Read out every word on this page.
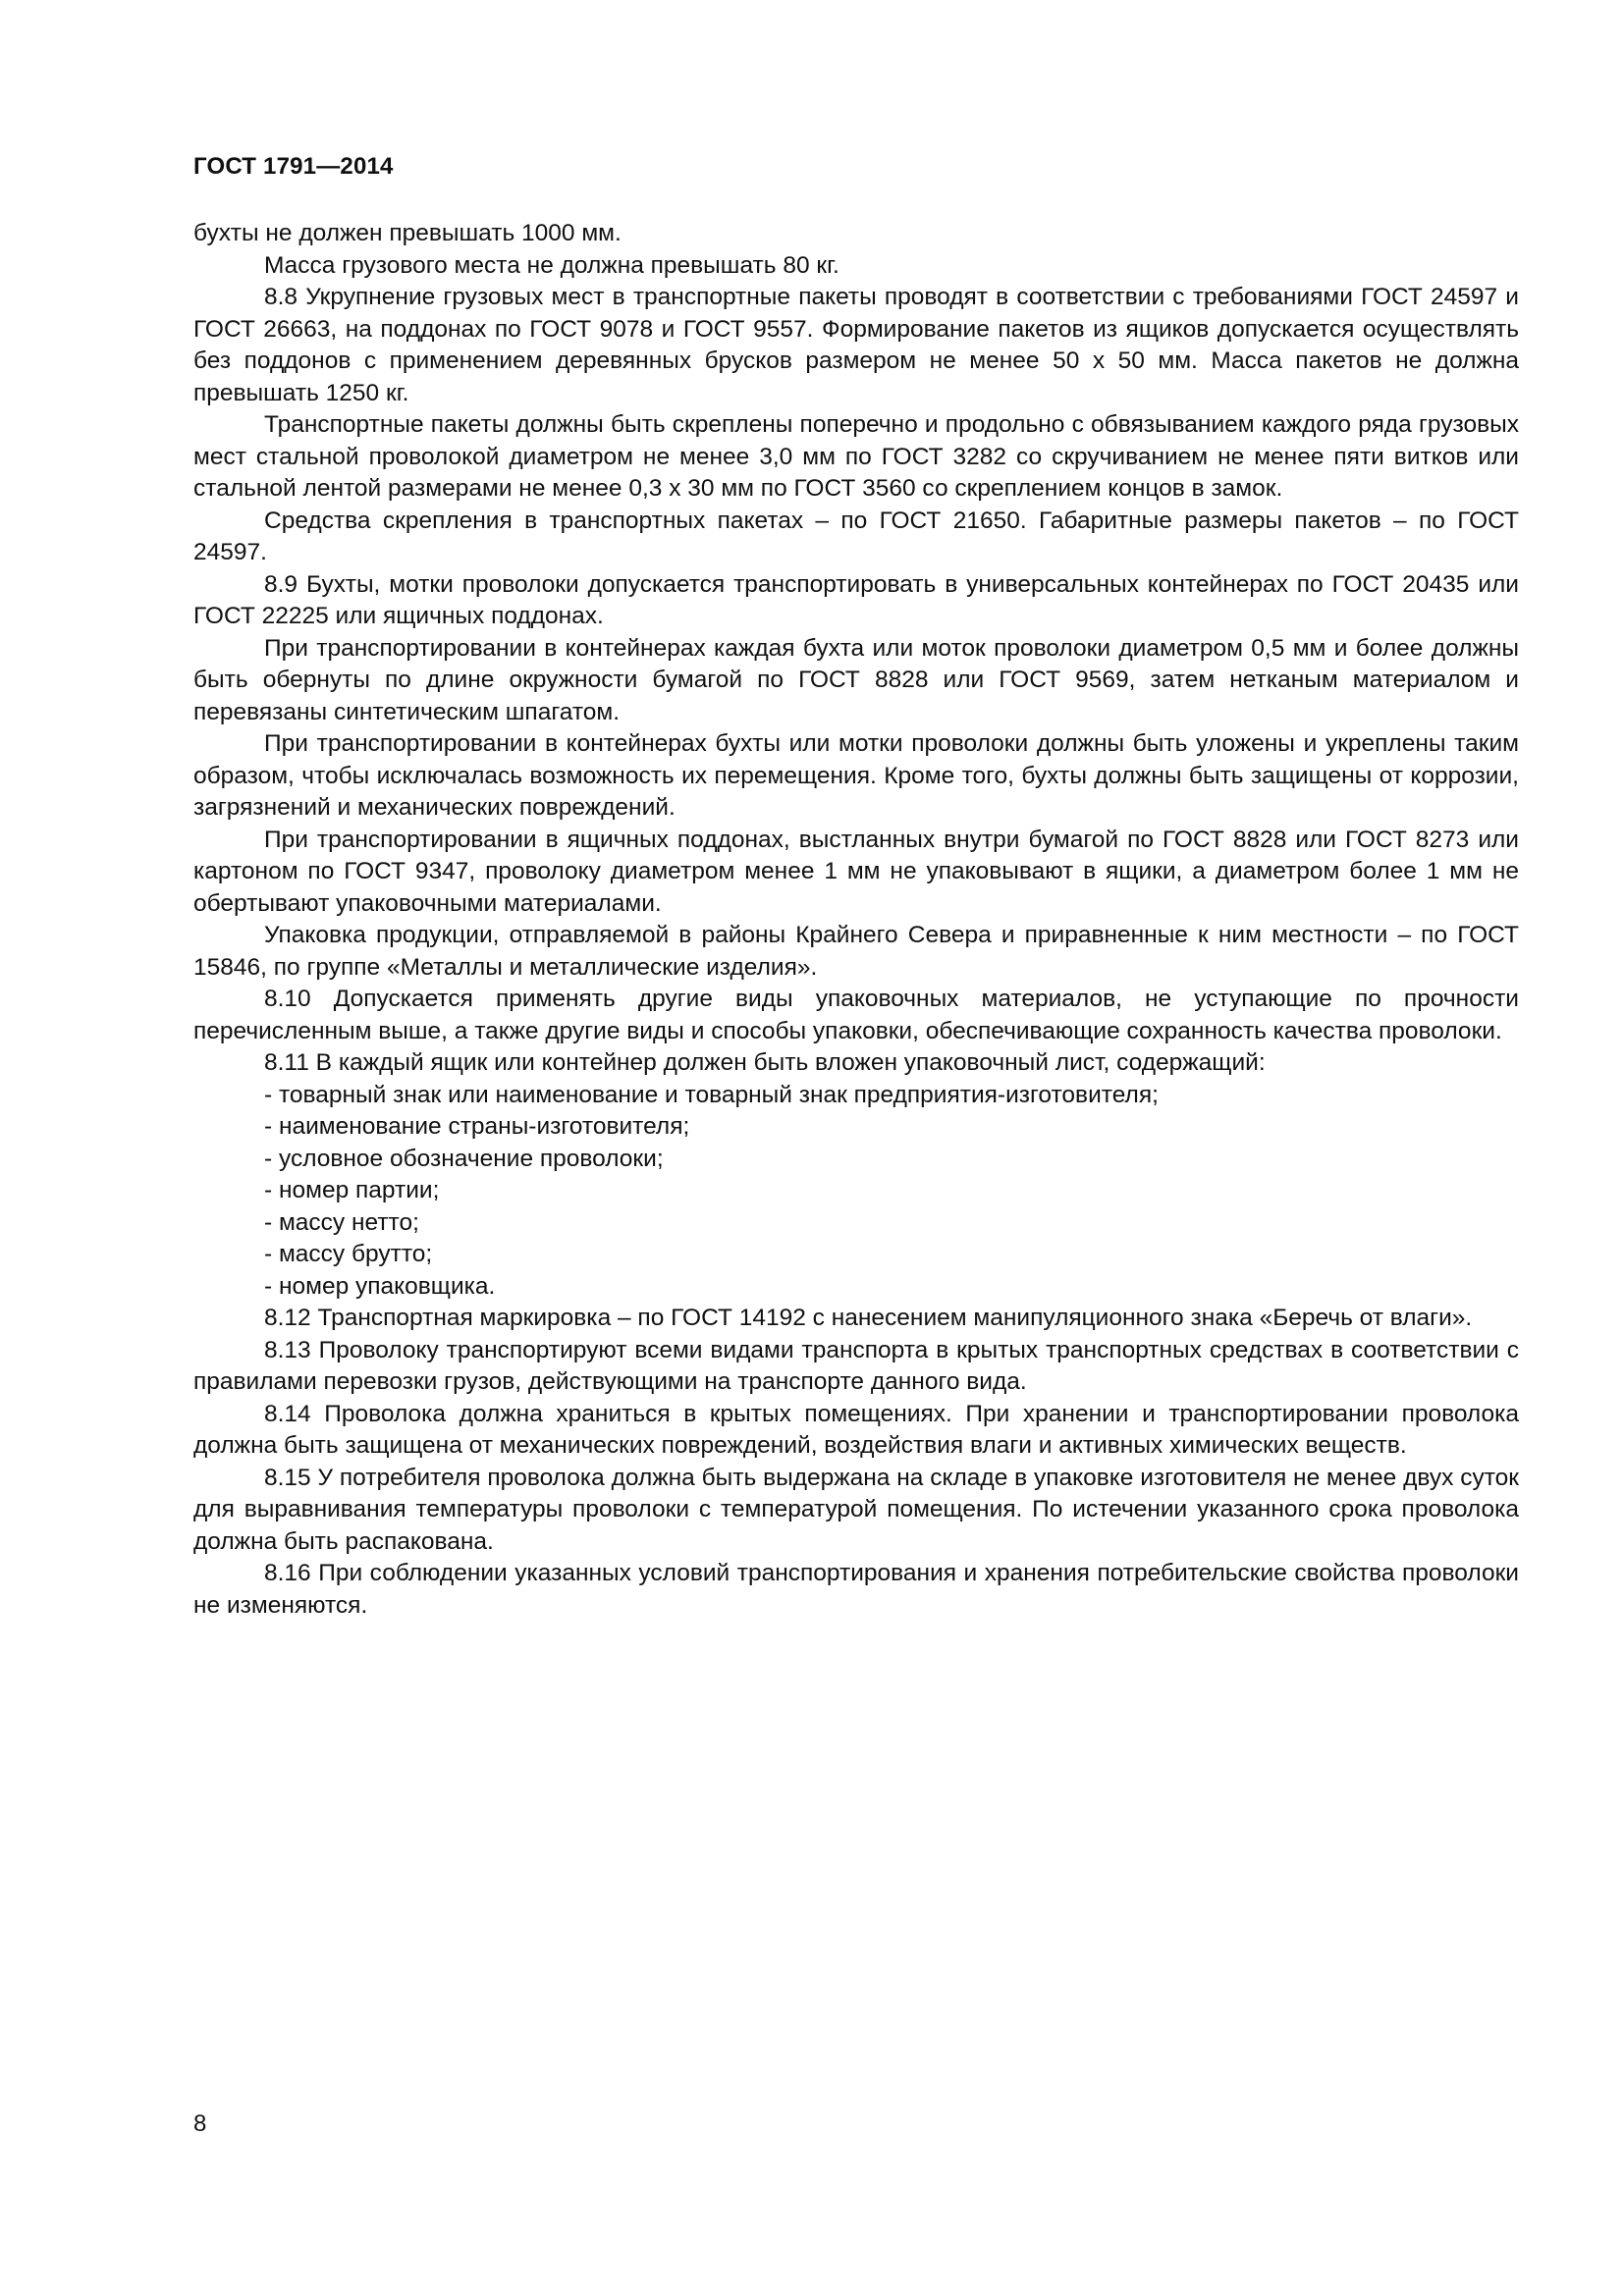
ГОСТ 1791—2014

бухты не должен превышать 1000 мм.

Масса грузового места не должна превышать 80 кг.

8.8 Укрупнение грузовых мест в транспортные пакеты проводят в соответствии с требованиями ГОСТ 24597 и ГОСТ 26663, на поддонах по ГОСТ 9078 и ГОСТ 9557. Формирование пакетов из ящиков допускается осуществлять без поддонов с применением деревянных брусков размером не менее 50 х 50 мм. Масса пакетов не должна превышать 1250 кг.

Транспортные пакеты должны быть скреплены поперечно и продольно с обвязыванием каждого ряда грузовых мест стальной проволокой диаметром не менее 3,0 мм по ГОСТ 3282 со скручиванием не менее пяти витков или стальной лентой размерами не менее 0,3 х 30 мм по ГОСТ 3560 со скреплением концов в замок.

Средства скрепления в транспортных пакетах – по ГОСТ 21650. Габаритные размеры пакетов – по ГОСТ 24597.

8.9 Бухты, мотки проволоки допускается транспортировать в универсальных контейнерах по ГОСТ 20435 или ГОСТ 22225 или ящичных поддонах.

При транспортировании в контейнерах каждая бухта или моток проволоки диаметром 0,5 мм и более должны быть обернуты по длине окружности бумагой по ГОСТ 8828 или ГОСТ 9569, затем нетканым материалом и перевязаны синтетическим шпагатом.

При транспортировании в контейнерах бухты или мотки проволоки должны быть уложены и укреплены таким образом, чтобы исключалась возможность их перемещения. Кроме того, бухты должны быть защищены от коррозии, загрязнений и механических повреждений.

При транспортировании в ящичных поддонах, выстланных внутри бумагой по ГОСТ 8828 или ГОСТ 8273 или картоном по ГОСТ 9347, проволоку диаметром менее 1 мм не упаковывают в ящики, а диаметром более 1 мм не обертывают упаковочными материалами.

Упаковка продукции, отправляемой в районы Крайнего Севера и приравненные к ним местности – по ГОСТ 15846, по группе «Металлы и металлические изделия».

8.10 Допускается применять другие виды упаковочных материалов, не уступающие по прочности перечисленным выше, а также другие виды и способы упаковки, обеспечивающие сохранность качества проволоки.

8.11 В каждый ящик или контейнер должен быть вложен упаковочный лист, содержащий:

- товарный знак или наименование и товарный знак предприятия-изготовителя;

- наименование страны-изготовителя;

- условное обозначение проволоки;

- номер партии;

- массу нетто;

- массу брутто;

- номер упаковщика.

8.12 Транспортная маркировка – по ГОСТ 14192 с нанесением манипуляционного знака «Беречь от влаги».

8.13 Проволоку транспортируют всеми видами транспорта в крытых транспортных средствах в соответствии с правилами перевозки грузов, действующими на транспорте данного вида.

8.14 Проволока должна храниться в крытых помещениях. При хранении и транспортировании проволока должна быть защищена от механических повреждений, воздействия влаги и активных химических веществ.

8.15 У потребителя проволока должна быть выдержана на складе в упаковке изготовителя не менее двух суток для выравнивания температуры проволоки с температурой помещения. По истечении указанного срока проволока должна быть распакована.

8.16 При соблюдении указанных условий транспортирования и хранения потребительские свойства проволоки не изменяются.

8
